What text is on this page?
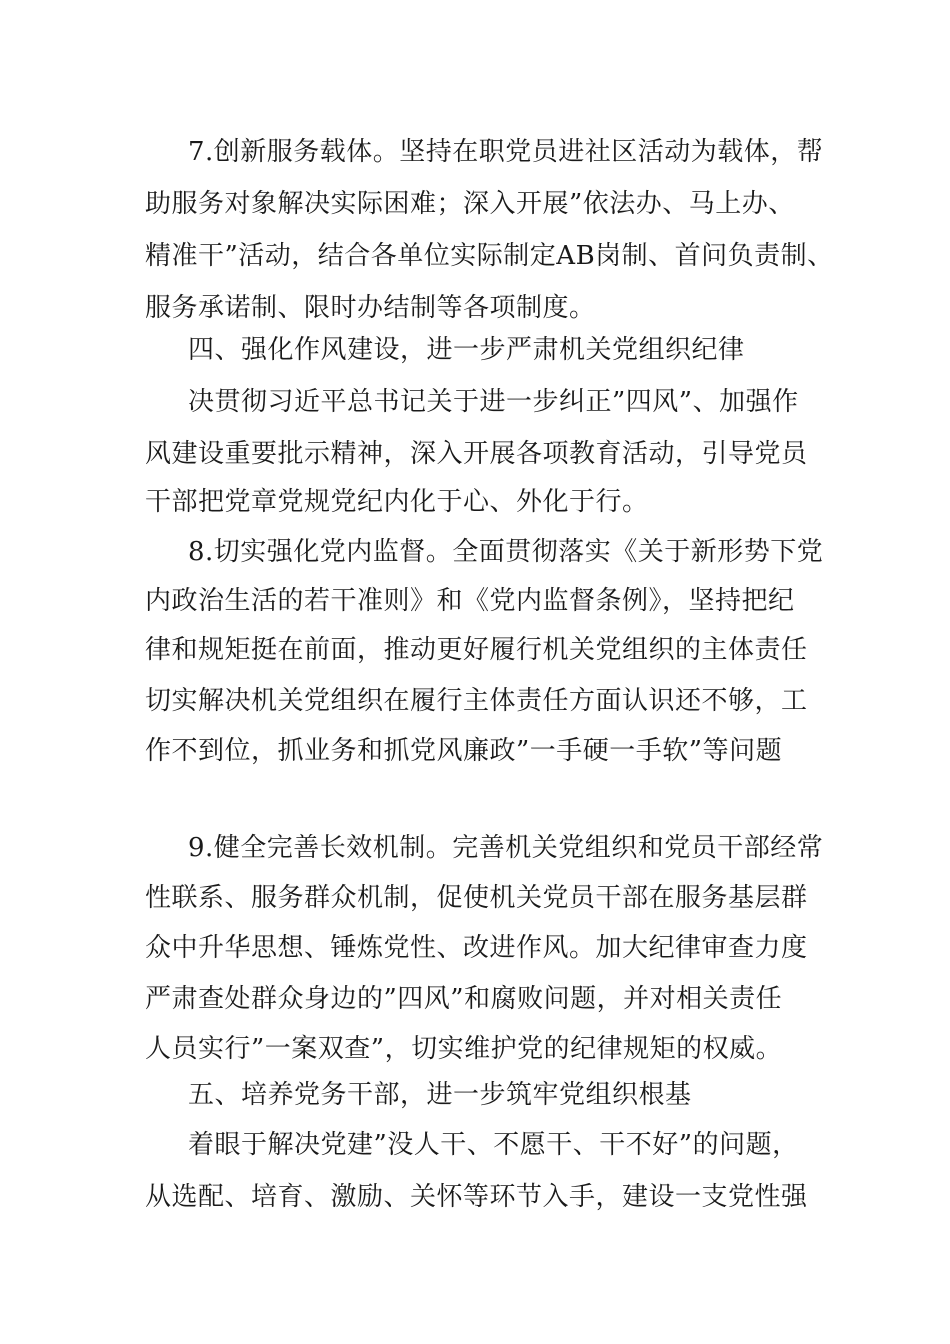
7.创新服务载体。坚持在职党员进社区活动为载体，帮

助服务对象解决实际困难；深入开展”依法办、马上办、

精准干”活动，结合各单位实际制定AB岗制、首问负责制、

服务承诺制、限时办结制等各项制度。

四、强化作风建设，进一步严肃机关党组织纪律

决贯彻习近平总书记关于进一步纠正”四风”、加强作

风建设重要批示精神，深入开展各项教育活动，引导党员

干部把党章党规党纪内化于心、外化于行。

8.切实强化党内监督。全面贯彻落实《关于新形势下党

内政治生活的若干准则》和《党内监督条例》，坚持把纪

律和规矩挺在前面，推动更好履行机关党组织的主体责任

切实解决机关党组织在履行主体责任方面认识还不够，工

作不到位，抓业务和抓党风廉政”一手硬一手软”等问题

9.健全完善长效机制。完善机关党组织和党员干部经常

性联系、服务群众机制，促使机关党员干部在服务基层群

众中升华思想、锤炼党性、改进作风。加大纪律审查力度

严肃查处群众身边的”四风”和腐败问题，并对相关责任

人员实行”一案双查”，切实维护党的纪律规矩的权威。

五、培养党务干部，进一步筑牢党组织根基

着眼于解决党建”没人干、不愿干、干不好”的问题，

从选配、培育、激励、关怀等环节入手，建设一支党性强
